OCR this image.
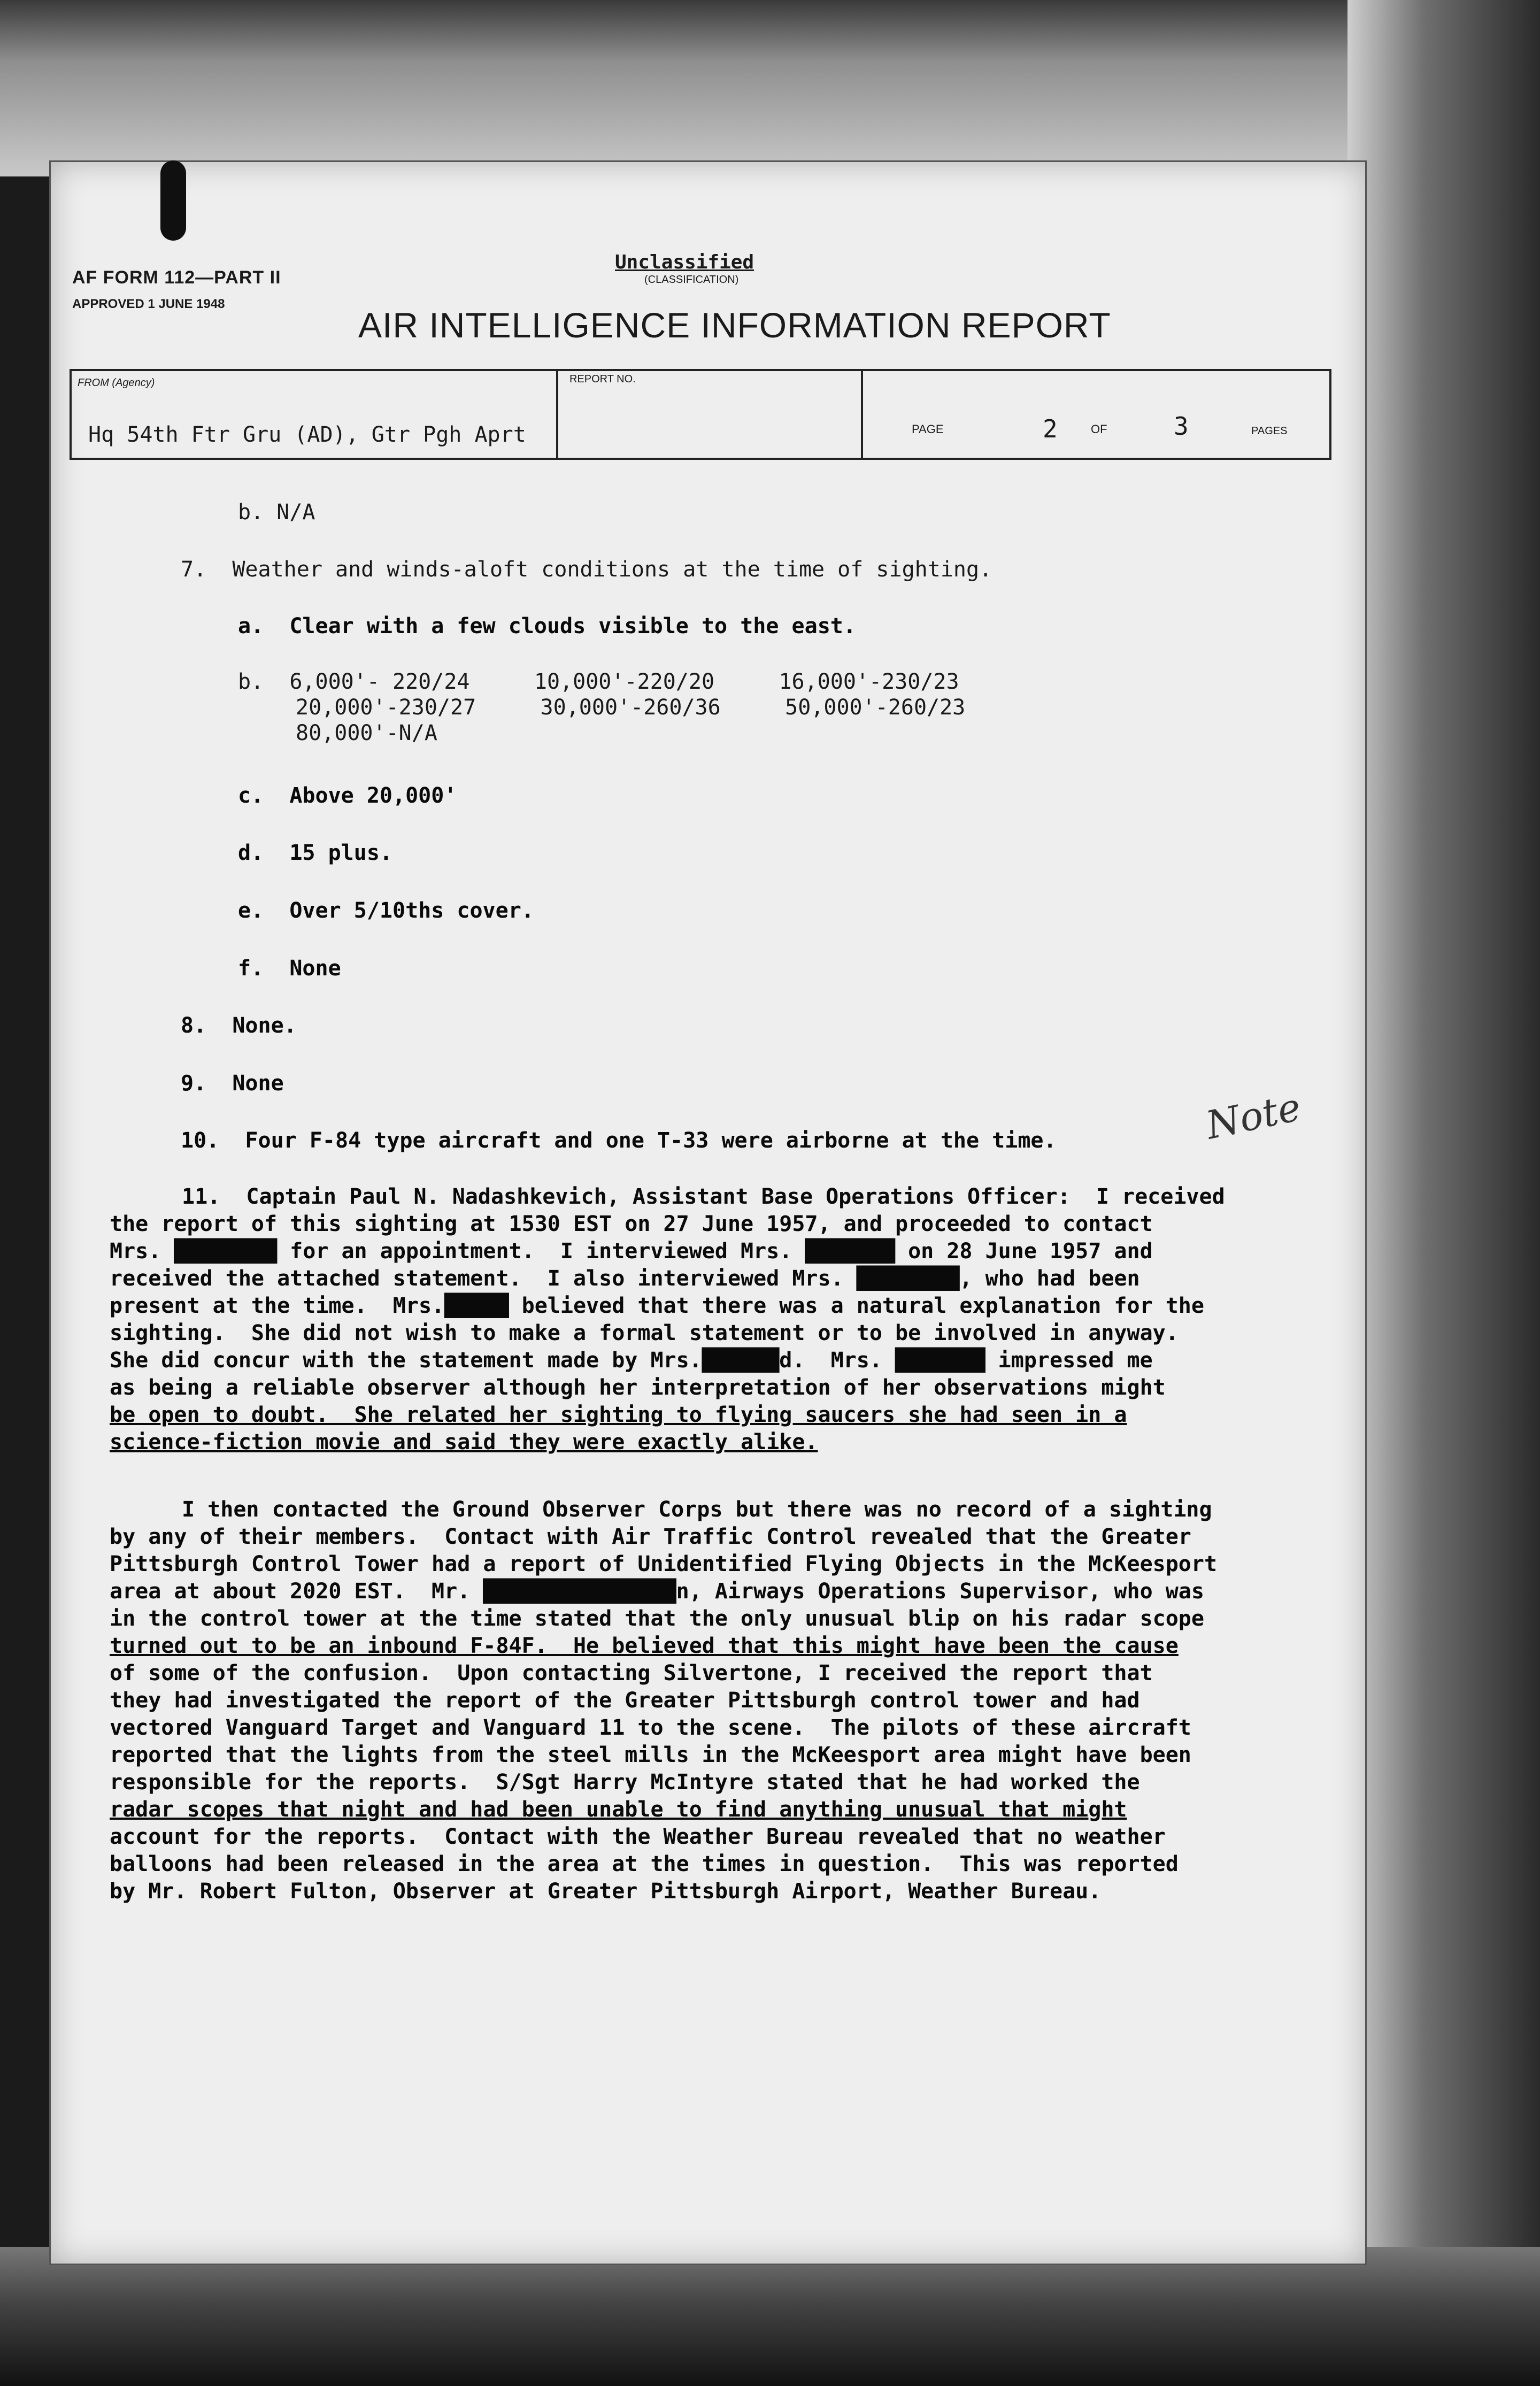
AF FORM 112—PART II
APPROVED 1 JUNE 1948
Unclassified
(CLASSIFICATION)
AIR INTELLIGENCE INFORMATION REPORT
FROM (Agency)	REPORT NO.
Hq 54th Ftr Gru (AD), Gtr Pgh Aprt	PAGE	2	OF	3	PAGES
b. N/A
7.  Weather and winds-aloft conditions at the time of sighting.
a.  Clear with a few clouds visible to the east.
b.  6,000'- 220/24     10,000'-220/20     16,000'-230/23
20,000'-230/27     30,000'-260/36     50,000'-260/23
80,000'-N/A
c.  Above 20,000'
d.  15 plus.
e.  Over 5/10ths cover.
f.  None
8.  None.
9.  None
10.  Four F-84 type aircraft and one T-33 were airborne at the time.	Note
11.  Captain Paul N. Nadashkevich, Assistant Base Operations Officer:  I received
the report of this sighting at 1530 EST on 27 June 1957, and proceeded to contact
Mrs. ████████ for an appointment.  I interviewed Mrs. ███████ on 28 June 1957 and
received the attached statement.  I also interviewed Mrs. ████████, who had been
present at the time.  Mrs.█████ believed that there was a natural explanation for the
sighting.  She did not wish to make a formal statement or to be involved in anyway.
She did concur with the statement made by Mrs.██████d.  Mrs. ███████ impressed me
as being a reliable observer although her interpretation of her observations might
be open to doubt.  She related her sighting to flying saucers she had seen in a
science-fiction movie and said they were exactly alike.
I then contacted the Ground Observer Corps but there was no record of a sighting
by any of their members.  Contact with Air Traffic Control revealed that the Greater
Pittsburgh Control Tower had a report of Unidentified Flying Objects in the McKeesport
area at about 2020 EST.  Mr. ███████████████n, Airways Operations Supervisor, who was
in the control tower at the time stated that the only unusual blip on his radar scope
turned out to be an inbound F-84F.  He believed that this might have been the cause
of some of the confusion.  Upon contacting Silvertone, I received the report that
they had investigated the report of the Greater Pittsburgh control tower and had
vectored Vanguard Target and Vanguard 11 to the scene.  The pilots of these aircraft
reported that the lights from the steel mills in the McKeesport area might have been
responsible for the reports.  S/Sgt Harry McIntyre stated that he had worked the
radar scopes that night and had been unable to find anything unusual that might
account for the reports.  Contact with the Weather Bureau revealed that no weather
balloons had been released in the area at the times in question.  This was reported
by Mr. Robert Fulton, Observer at Greater Pittsburgh Airport, Weather Bureau.
